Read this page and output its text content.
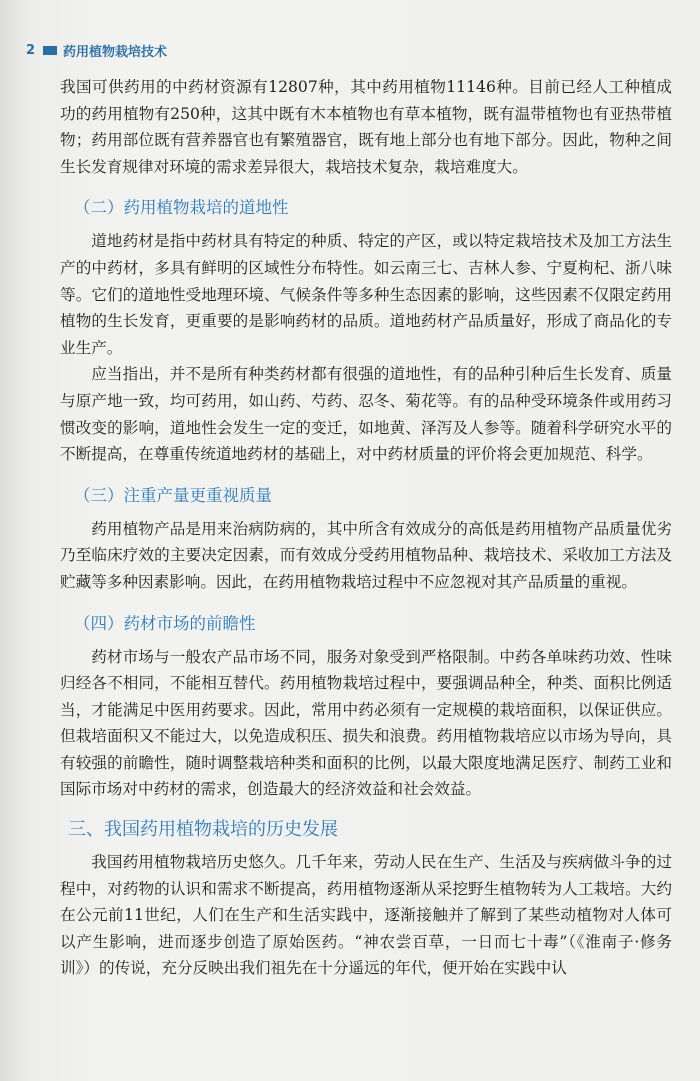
2 药用植物栽培技术

我国可供药用的中药材资源有12807种，其中药用植物11146种。目前已经人工种植成功的药用植物有250种，这其中既有木本植物也有草本植物，既有温带植物也有亚热带植物；药用部位既有营养器官也有繁殖器官，既有地上部分也有地下部分。因此，物种之间生长发育规律对环境的需求差异很大，栽培技术复杂，栽培难度大。

（二）药用植物栽培的道地性

道地药材是指中药材具有特定的种质、特定的产区，或以特定栽培技术及加工方法生产的中药材，多具有鲜明的区域性分布特性。如云南三七、吉林人参、宁夏枸杞、浙八味等。它们的道地性受地理环境、气候条件等多种生态因素的影响，这些因素不仅限定药用植物的生长发育，更重要的是影响药材的品质。道地药材产品质量好，形成了商品化的专业生产。

应当指出，并不是所有种类药材都有很强的道地性，有的品种引种后生长发育、质量与原产地一致，均可药用，如山药、芍药、忍冬、菊花等。有的品种受环境条件或用药习惯改变的影响，道地性会发生一定的变迁，如地黄、泽泻及人参等。随着科学研究水平的不断提高，在尊重传统道地药材的基础上，对中药材质量的评价将会更加规范、科学。

（三）注重产量更重视质量

药用植物产品是用来治病防病的，其中所含有效成分的高低是药用植物产品质量优劣乃至临床疗效的主要决定因素，而有效成分受药用植物品种、栽培技术、采收加工方法及贮藏等多种因素影响。因此，在药用植物栽培过程中不应忽视对其产品质量的重视。

（四）药材市场的前瞻性

药材市场与一般农产品市场不同，服务对象受到严格限制。中药各单味药功效、性味归经各不相同，不能相互替代。药用植物栽培过程中，要强调品种全，种类、面积比例适当，才能满足中医用药要求。因此，常用中药必须有一定规模的栽培面积，以保证供应。但栽培面积又不能过大，以免造成积压、损失和浪费。药用植物栽培应以市场为导向，具有较强的前瞻性，随时调整栽培种类和面积的比例，以最大限度地满足医疗、制药工业和国际市场对中药材的需求，创造最大的经济效益和社会效益。

三、我国药用植物栽培的历史发展

我国药用植物栽培历史悠久。几千年来，劳动人民在生产、生活及与疾病做斗争的过程中，对药物的认识和需求不断提高，药用植物逐渐从采挖野生植物转为人工栽培。大约在公元前11世纪，人们在生产和生活实践中，逐渐接触并了解到了某些动植物对人体可以产生影响，进而逐步创造了原始医药。“神农尝百草，一日而七十毒”（《淮南子·修务训》）的传说，充分反映出我们祖先在十分遥远的年代，便开始在实践中认
